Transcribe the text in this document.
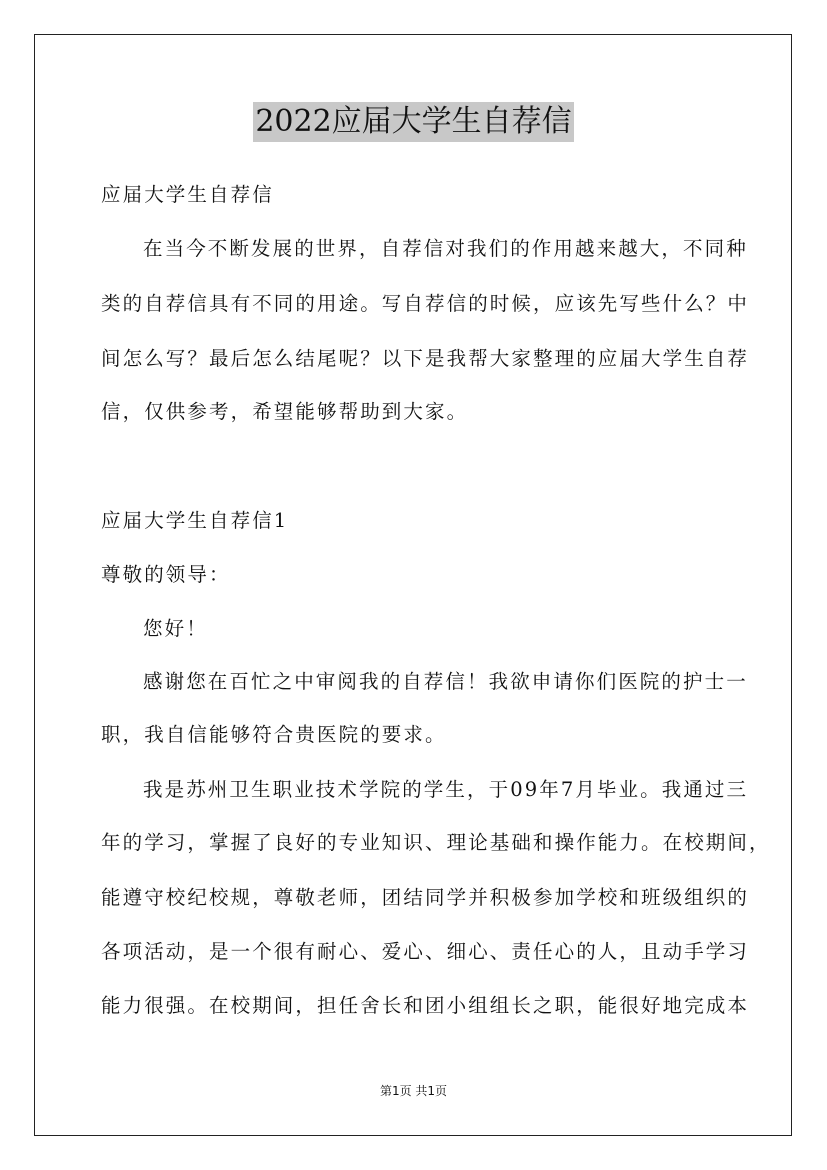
2022应届大学生自荐信
应届大学生自荐信
在当今不断发展的世界，自荐信对我们的作用越来越大，不同种
类的自荐信具有不同的用途。写自荐信的时候，应该先写些什么？中
间怎么写？最后怎么结尾呢？以下是我帮大家整理的应届大学生自荐
信，仅供参考，希望能够帮助到大家。
应届大学生自荐信1
尊敬的领导：
您好！
感谢您在百忙之中审阅我的自荐信！我欲申请你们医院的护士一
职，我自信能够符合贵医院的要求。
我是苏州卫生职业技术学院的学生，于09年7月毕业。我通过三
年的学习，掌握了良好的专业知识、理论基础和操作能力。在校期间，
能遵守校纪校规，尊敬老师，团结同学并积极参加学校和班级组织的
各项活动，是一个很有耐心、爱心、细心、责任心的人，且动手学习
能力很强。在校期间，担任舍长和团小组组长之职，能很好地完成本
第1页 共1页
